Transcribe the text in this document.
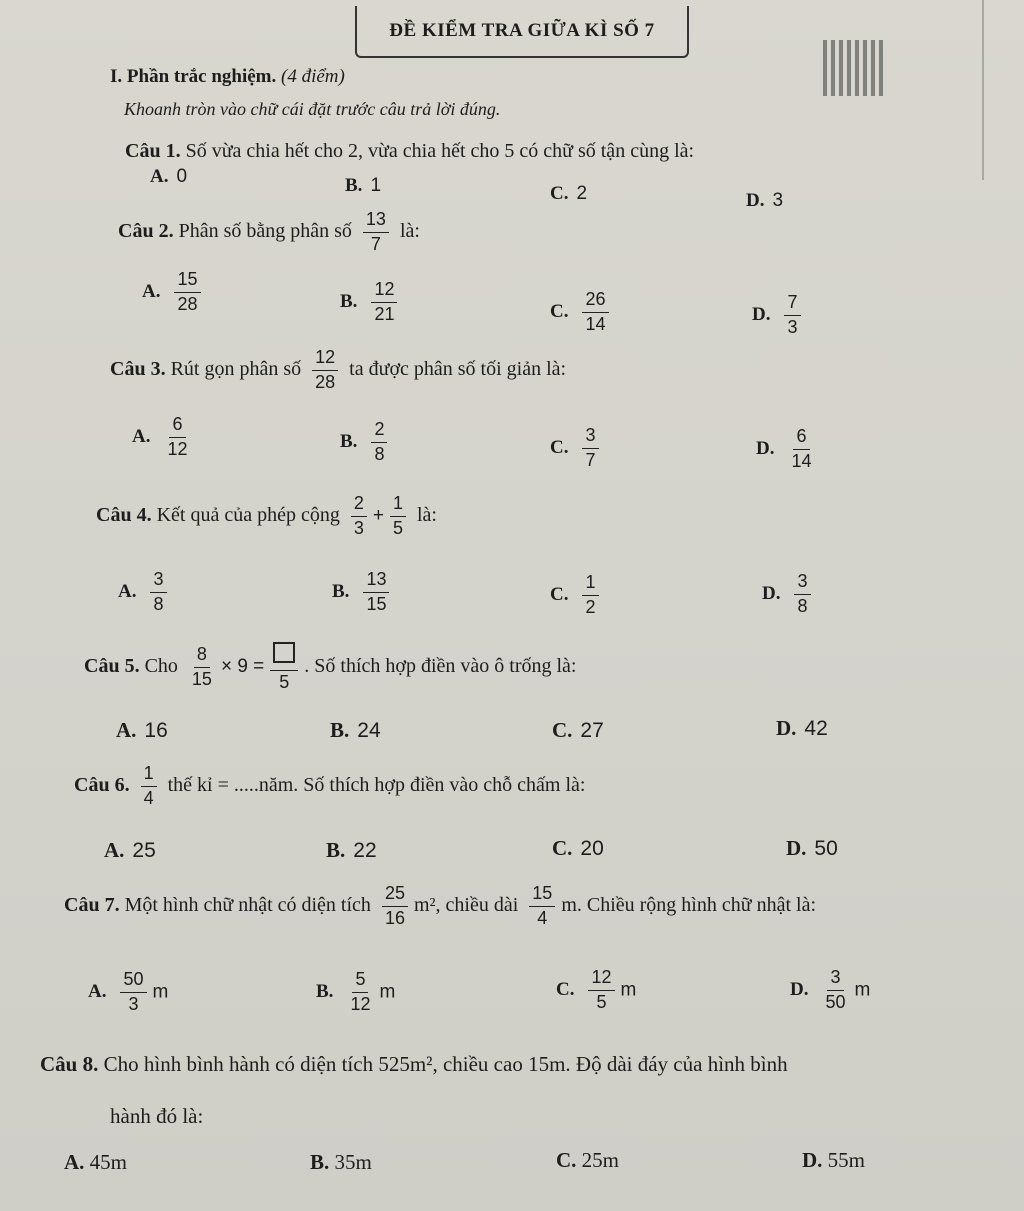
ĐỀ KIỂM TRA GIỮA KÌ SỐ 7
I. Phần trắc nghiệm. (4 điểm)
Khoanh tròn vào chữ cái đặt trước câu trả lời đúng.
Câu 1. Số vừa chia hết cho 2, vừa chia hết cho 5 có chữ số tận cùng là:
A. 0	B. 1	C. 2	D. 3
Câu 2. Phân số bằng phân số $\frac{13}{7}$ là:
A. $\frac{15}{28}$	B. $\frac{12}{21}$	C. $\frac{26}{14}$	D. $\frac{7}{3}$
Câu 3. Rút gọn phân số $\frac{12}{28}$ ta được phân số tối giản là:
A. $\frac{6}{12}$	B. $\frac{2}{8}$	C. $\frac{3}{7}$	D. $\frac{6}{14}$
Câu 4. Kết quả của phép cộng $\frac{2}{3} + \frac{1}{5}$ là:
A. $\frac{3}{8}$	B. $\frac{13}{15}$	C. $\frac{1}{2}$	D. $\frac{3}{8}$
Câu 5. Cho $\frac{8}{15} \times 9$ =
5
. Số thích hợp điền vào ô trống là:
A. 16	B. 24	C. 27	D. 42
Câu 6. $\frac{1}{4}$ thế kỉ = .....năm. Số thích hợp điền vào chỗ chấm là:
A. 25	B. 22	C. 20	D. 50
Câu 7. Một hình chữ nhật có diện tích $\frac{25}{16} m^2$, chiều dài $\frac{15}{4} m$. Chiều rộng hình chữ nhật là:
A. $\frac{50}{3}$ m	B. $\frac{5}{12}$ m	C. $\frac{12}{5}$ m	D. $\frac{3}{50}$ m
Câu 8. Cho hình bình hành có diện tích 525m², chiều cao 15m. Độ dài đáy của hình bình
hành đó là:
A. 45m	B. 35m	C. 25m	D. 55m
